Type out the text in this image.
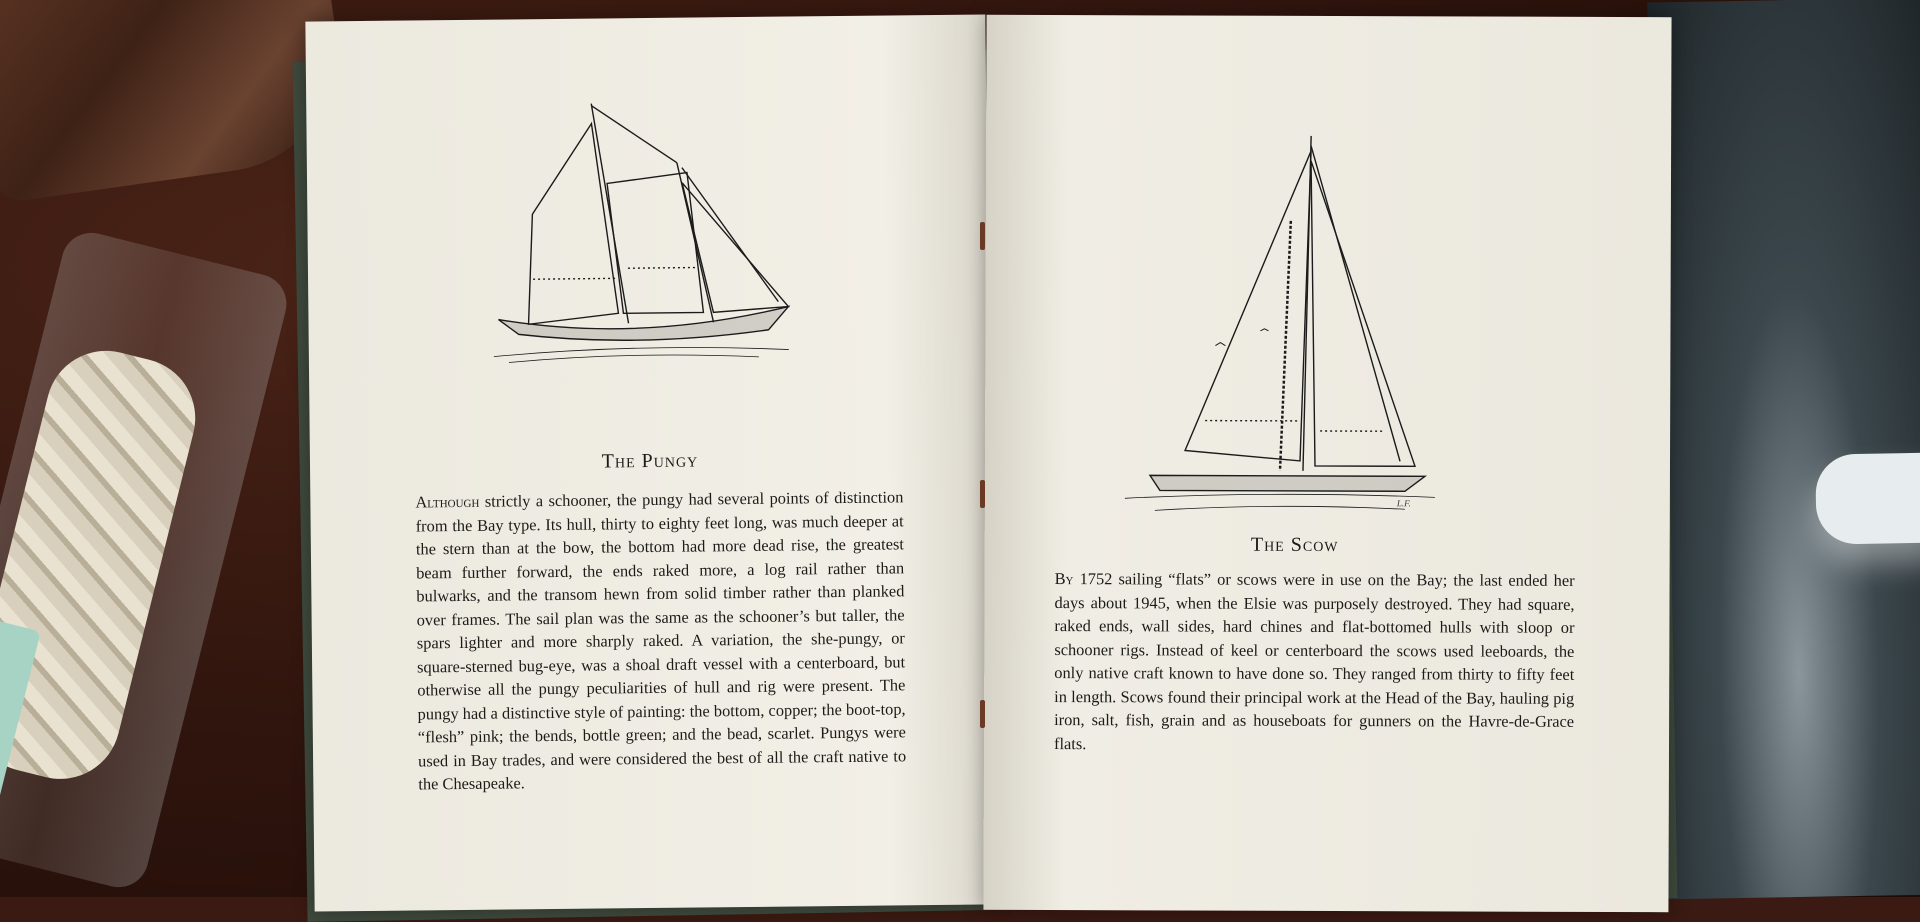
The Pungy
Although strictly a schooner, the pungy had several points of distinction from the Bay type. Its hull, thirty to eighty feet long, was much deeper at the stern than at the bow, the bottom had more dead rise, the greatest beam further forward, the ends raked more, a log rail rather than bulwarks, and the transom hewn from solid timber rather than planked over frames. The sail plan was the same as the schooner’s but taller, the spars lighter and more sharply raked. A variation, the she-pungy, or square-sterned bug-eye, was a shoal draft vessel with a centerboard, but otherwise all the pungy peculiarities of hull and rig were present. The pungy had a distinctive style of painting: the bottom, copper; the boot-top, “flesh” pink; the bends, bottle green; and the bead, scarlet. Pungys were used in Bay trades, and were considered the best of all the craft native to the Chesapeake.
L.F.
The Scow
By 1752 sailing “flats” or scows were in use on the Bay; the last ended her days about 1945, when the Elsie was purposely destroyed. They had square, raked ends, wall sides, hard chines and flat-bottomed hulls with sloop or schooner rigs. Instead of keel or centerboard the scows used leeboards, the only native craft known to have done so. They ranged from thirty to fifty feet in length. Scows found their principal work at the Head of the Bay, hauling pig iron, salt, fish, grain and as houseboats for gunners on the Havre-de-Grace flats.
